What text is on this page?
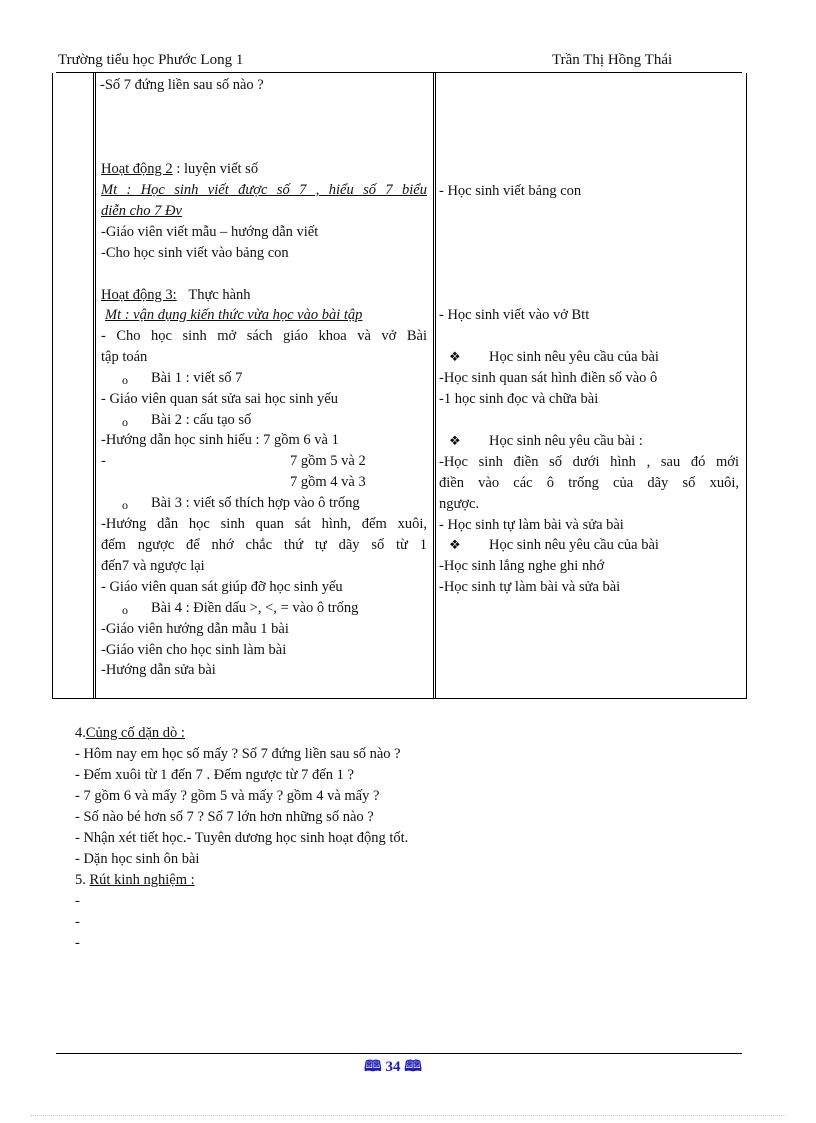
Trường tiểu học Phước Long 1	Trần Thị Hồng Thái
-Số 7 đứng liền sau số nào ?
Hoạt động 2 : luyện viết số
Mt : Học sinh viết được số 7 , hiểu số 7 biểu
diễn cho 7 Đv
-Giáo viên viết mẫu – hướng dẫn viết
-Cho học sinh viết vào bảng con
Hoạt động 3: Thực hành
Mt : vận dụng kiến thức vừa học vào bài tập
- Cho học sinh mở sách giáo khoa và vở Bài
tập toán
o Bài 1 : viết số 7
- Giáo viên quan sát sửa sai học sinh yếu
o Bài 2 : cấu tạo số
-Hướng dẫn học sinh hiểu : 7 gồm 6 và 1
-	7 gồm 5 và 2
7 gồm 4 và 3
o Bài 3 : viết số thích hợp vào ô trống
-Hướng dẫn học sinh quan sát hình, đếm xuôi,
đếm ngược để nhớ chắc thứ tự dãy số từ 1
đến7 và ngược lại
- Giáo viên quan sát giúp đỡ học sinh yếu
o Bài 4 : Điền dấu >, <, = vào ô trống
-Giáo viên hướng dẫn mẫu 1 bài
-Giáo viên cho học sinh làm bài
-Hướng dẫn sửa bài
- Học sinh viết bảng con
- Học sinh viết vào vở Btt
❖ Học sinh nêu yêu cầu của bài
-Học sinh quan sát hình điền số vào ô
-1 học sinh đọc và chữa bài
❖ Học sinh nêu yêu cầu bài :
-Học sinh điền số dưới hình , sau đó mới
điền vào các ô trống của dãy số xuôi,
ngược.
- Học sinh tự làm bài và sửa bài
❖ Học sinh nêu yêu cầu của bài
-Học sinh lắng nghe ghi nhớ
-Học sinh tự làm bài và sửa bài
4.Củng cố dặn dò :
- Hôm nay em học số mấy ? Số 7 đứng liền sau số nào ?
- Đếm xuôi từ 1 đến 7 . Đếm ngược từ 7 đến 1 ?
- 7 gồm 6 và mấy ? gồm 5 và mấy ? gồm 4 và mấy ?
- Số nào bé hơn số 7 ? Số 7 lớn hơn những số nào ?
- Nhận xét tiết học.- Tuyên dương học sinh hoạt động tốt.
- Dặn học sinh ôn bài
5. Rút kinh nghiệm :
-
-
-
🕮 34 🕮
